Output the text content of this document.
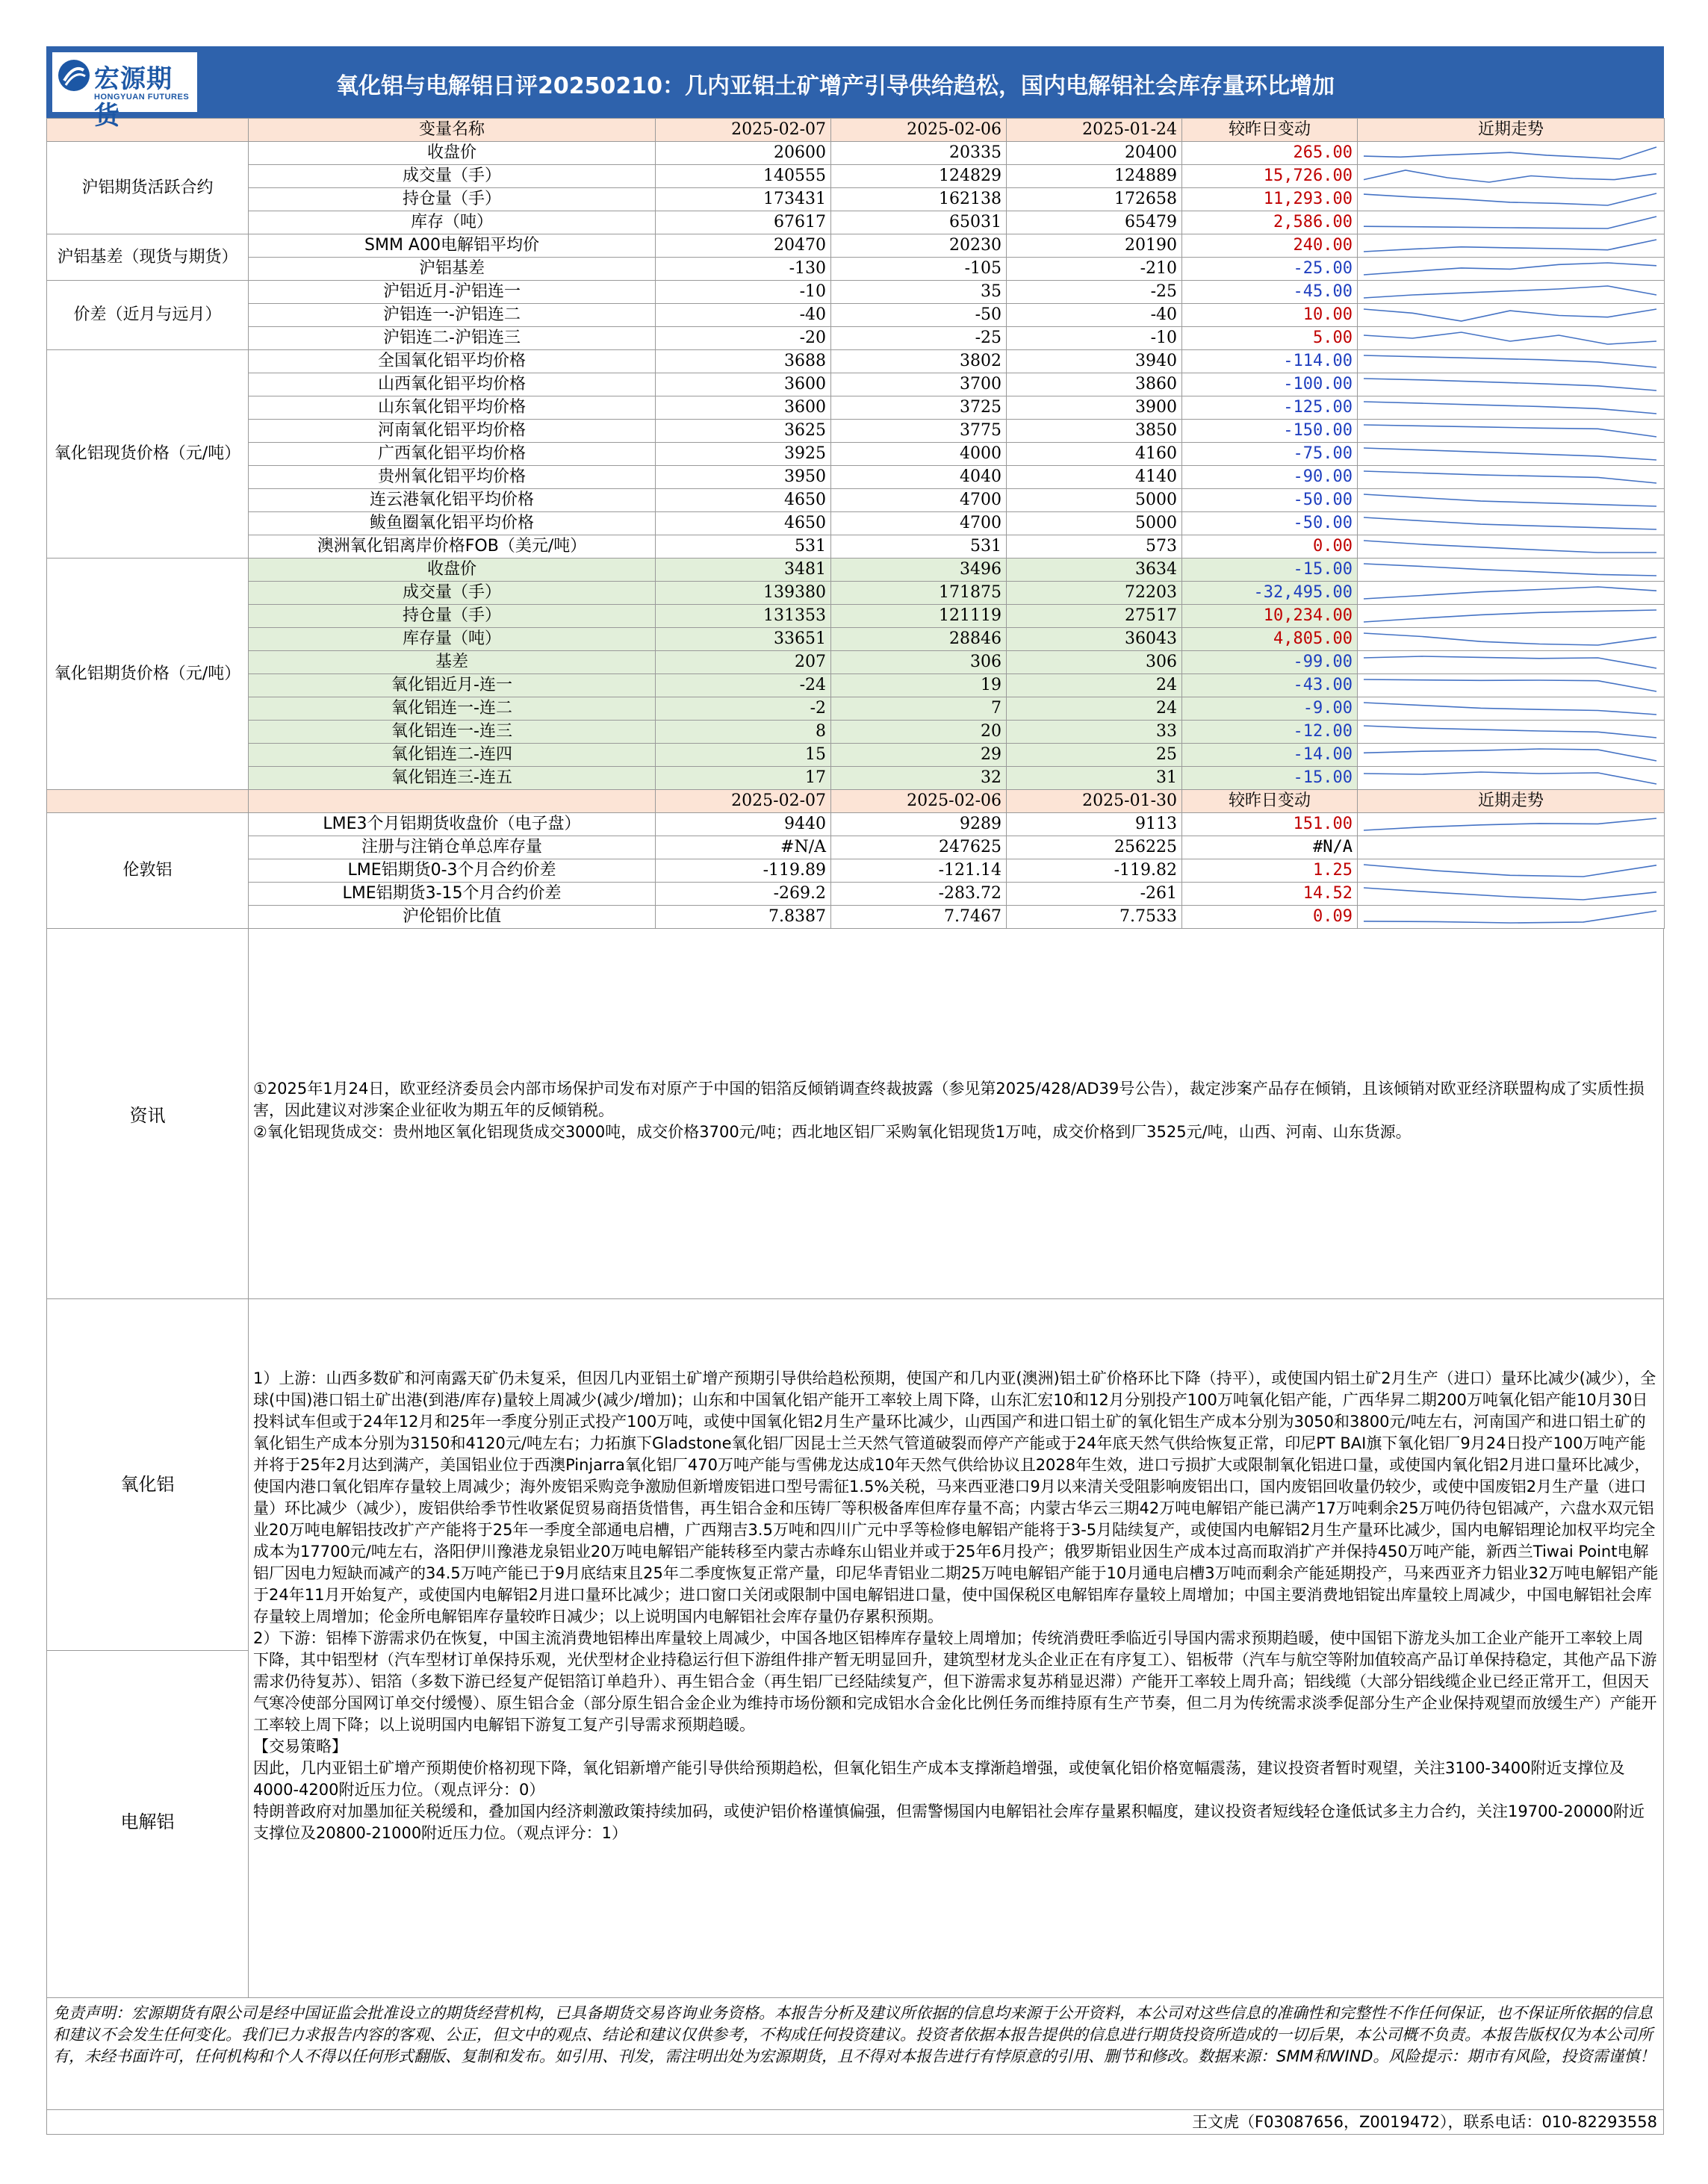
宏源期货
HONGYUAN FUTURES	氧化铝与电解铝日评20250210：几内亚铝土矿增产引导供给趋松，国内电解铝社会库存量环比增加
	变量名称	2025-02-07	2025-02-06	2025-01-24	较昨日变动	近期走势
沪铝期货活跃合约	收盘价	20600	20335	20400	265.00	

	成交量（手）	140555	124829	124889	15,726.00	

	持仓量（手）	173431	162138	172658	11,293.00	

	库存（吨）	67617	65031	65479	2,586.00	

沪铝基差（现货与期货）	SMM A00电解铝平均价	20470	20230	20190	240.00	

	沪铝基差	-130	-105	-210	-25.00	

价差（近月与远月）	沪铝近月-沪铝连一	-10	35	-25	-45.00	

	沪铝连一-沪铝连二	-40	-50	-40	10.00	

	沪铝连二-沪铝连三	-20	-25	-10	5.00	

氧化铝现货价格（元/吨）	全国氧化铝平均价格	3688	3802	3940	-114.00	

	山西氧化铝平均价格	3600	3700	3860	-100.00	

	山东氧化铝平均价格	3600	3725	3900	-125.00	

	河南氧化铝平均价格	3625	3775	3850	-150.00	

	广西氧化铝平均价格	3925	4000	4160	-75.00	

	贵州氧化铝平均价格	3950	4040	4140	-90.00	

	连云港氧化铝平均价格	4650	4700	5000	-50.00	

	鲅鱼圈氧化铝平均价格	4650	4700	5000	-50.00	

	澳洲氧化铝离岸价格FOB（美元/吨）	531	531	573	0.00	

氧化铝期货价格（元/吨）	收盘价	3481	3496	3634	-15.00	

	成交量（手）	139380	171875	72203	-32,495.00	

	持仓量（手）	131353	121119	27517	10,234.00	

	库存量（吨）	33651	28846	36043	4,805.00	

	基差	207	306	306	-99.00	

	氧化铝近月-连一	-24	19	24	-43.00	

	氧化铝连一-连二	-2	7	24	-9.00	

	氧化铝连一-连三	8	20	33	-12.00	

	氧化铝连二-连四	15	29	25	-14.00	

	氧化铝连三-连五	17	32	31	-15.00	

		2025-02-07	2025-02-06	2025-01-30	较昨日变动	近期走势
伦敦铝	LME3个月铝期货收盘价（电子盘）	9440	9289	9113	151.00	

	注册与注销仓单总库存量	#N/A	247625	256225	#N/A	

	LME铝期货0-3个月合约价差	-119.89	-121.14	-119.82	1.25	

	LME铝期货3-15个月合约价差	-269.2	-283.72	-261	14.52	

	沪伦铝价比值	7.8387	7.7467	7.7533	0.09	
资讯

①2025年1月24日，欧亚经济委员会内部市场保护司发布对原产于中国的铝箔反倾销调查终裁披露（参见第2025/428/AD39号公告），裁定涉案产品存在倾销，且该倾销对欧亚经济联盟构成了实质性损害，因此建议对涉案企业征收为期五年的反倾销税。

②氧化铝现货成交：贵州地区氧化铝现货成交3000吨，成交价格3700元/吨；西北地区铝厂采购氧化铝现货1万吨，成交价格到厂3525元/吨，山西、河南、山东货源。

氧化铝
电解铝

1）上游：山西多数矿和河南露天矿仍未复采，但因几内亚铝土矿增产预期引导供给趋松预期，使国产和几内亚(澳洲)铝土矿价格环比下降（持平），或使国内铝土矿2月生产（进口）量环比减少(减少），全球(中国)港口铝土矿出港(到港/库存)量较上周减少(减少/增加)；山东和中国氧化铝产能开工率较上周下降，山东汇宏10和12月分别投产100万吨氧化铝产能，广西华昇二期200万吨氧化铝产能10月30日投料试车但或于24年12月和25年一季度分别正式投产100万吨，或使中国氧化铝2月生产量环比减少，山西国产和进口铝土矿的氧化铝生产成本分别为3050和3800元/吨左右，河南国产和进口铝土矿的氧化铝生产成本分别为3150和4120元/吨左右；力拓旗下Gladstone氧化铝厂因昆士兰天然气管道破裂而停产产能或于24年底天然气供给恢复正常，印尼PT BAI旗下氧化铝厂9月24日投产100万吨产能并将于25年2月达到满产，美国铝业位于西澳Pinjarra氧化铝厂470万吨产能与雪佛龙达成10年天然气供给协议且2028年生效，进口亏损扩大或限制氧化铝进口量，或使国内氧化铝2月进口量环比减少，使国内港口氧化铝库存量较上周减少；海外废铝采购竞争激励但新增废铝进口型号需征1.5%关税，马来西亚港口9月以来清关受阻影响废铝出口，国内废铝回收量仍较少，或使中国废铝2月生产量（进口量）环比减少（减少），废铝供给季节性收紧促贸易商捂货惜售，再生铝合金和压铸厂等积极备库但库存量不高；内蒙古华云三期42万吨电解铝产能已满产17万吨剩余25万吨仍待包铝减产，六盘水双元铝业20万吨电解铝技改扩产产能将于25年一季度全部通电启槽，广西翔吉3.5万吨和四川广元中孚等检修电解铝产能将于3-5月陆续复产，或使国内电解铝2月生产量环比减少，国内电解铝理论加权平均完全成本为17700元/吨左右，洛阳伊川豫港龙泉铝业20万吨电解铝产能转移至内蒙古赤峰东山铝业并或于25年6月投产；俄罗斯铝业因生产成本过高而取消扩产并保持450万吨产能，新西兰Tiwai Point电解铝厂因电力短缺而减产的34.5万吨产能已于9月底结束且25年二季度恢复正常产量，印尼华青铝业二期25万吨电解铝产能于10月通电启槽3万吨而剩余产能延期投产，马来西亚齐力铝业32万吨电解铝产能于24年11月开始复产，或使国内电解铝2月进口量环比减少；进口窗口关闭或限制中国电解铝进口量，使中国保税区电解铝库存量较上周增加；中国主要消费地铝锭出库量较上周减少，中国电解铝社会库存量较上周增加；伦金所电解铝库存量较昨日减少；以上说明国内电解铝社会库存量仍存累积预期。

2）下游：铝棒下游需求仍在恢复，中国主流消费地铝棒出库量较上周减少，中国各地区铝棒库存量较上周增加；传统消费旺季临近引导国内需求预期趋暖，使中国铝下游龙头加工企业产能开工率较上周下降，其中铝型材（汽车型材订单保持乐观，光伏型材企业持稳运行但下游组件排产暂无明显回升，建筑型材龙头企业正在有序复工）、铝板带（汽车与航空等附加值较高产品订单保持稳定，其他产品下游需求仍待复苏）、铝箔（多数下游已经复产促铝箔订单趋升）、再生铝合金（再生铝厂已经陆续复产，但下游需求复苏稍显迟滞）产能开工率较上周升高；铝线缆（大部分铝线缆企业已经正常开工，但因天气寒冷使部分国网订单交付缓慢）、原生铝合金（部分原生铝合金企业为维持市场份额和完成铝水合金化比例任务而维持原有生产节奏，但二月为传统需求淡季促部分生产企业保持观望而放缓生产）产能开工率较上周下降；以上说明国内电解铝下游复工复产引导需求预期趋暖。

【交易策略】

因此，几内亚铝土矿增产预期使价格初现下降，氧化铝新增产能引导供给预期趋松，但氧化铝生产成本支撑渐趋增强，或使氧化铝价格宽幅震荡，建议投资者暂时观望，关注3100-3400附近支撑位及4000-4200附近压力位。（观点评分：0）

特朗普政府对加墨加征关税缓和，叠加国内经济刺激政策持续加码，或使沪铝价格谨慎偏强，但需警惕国内电解铝社会库存量累积幅度，建议投资者短线轻仓逢低试多主力合约，关注19700-20000附近支撑位及20800-21000附近压力位。（观点评分：1）

免责声明：宏源期货有限公司是经中国证监会批准设立的期货经营机构，已具备期货交易咨询业务资格。本报告分析及建议所依据的信息均来源于公开资料，本公司对这些信息的准确性和完整性不作任何保证，也不保证所依据的信息和建议不会发生任何变化。我们已力求报告内容的客观、公正，但文中的观点、结论和建议仅供参考，不构成任何投资建议。投资者依据本报告提供的信息进行期货投资所造成的一切后果，本公司概不负责。本报告版权仅为本公司所有，未经书面许可，任何机构和个人不得以任何形式翻版、复制和发布。如引用、刊发，需注明出处为宏源期货，且不得对本报告进行有悖原意的引用、删节和修改。数据来源：SMM和WIND。风险提示：期市有风险，投资需谨慎！
王文虎（F03087656，Z0019472），联系电话：010-82293558
